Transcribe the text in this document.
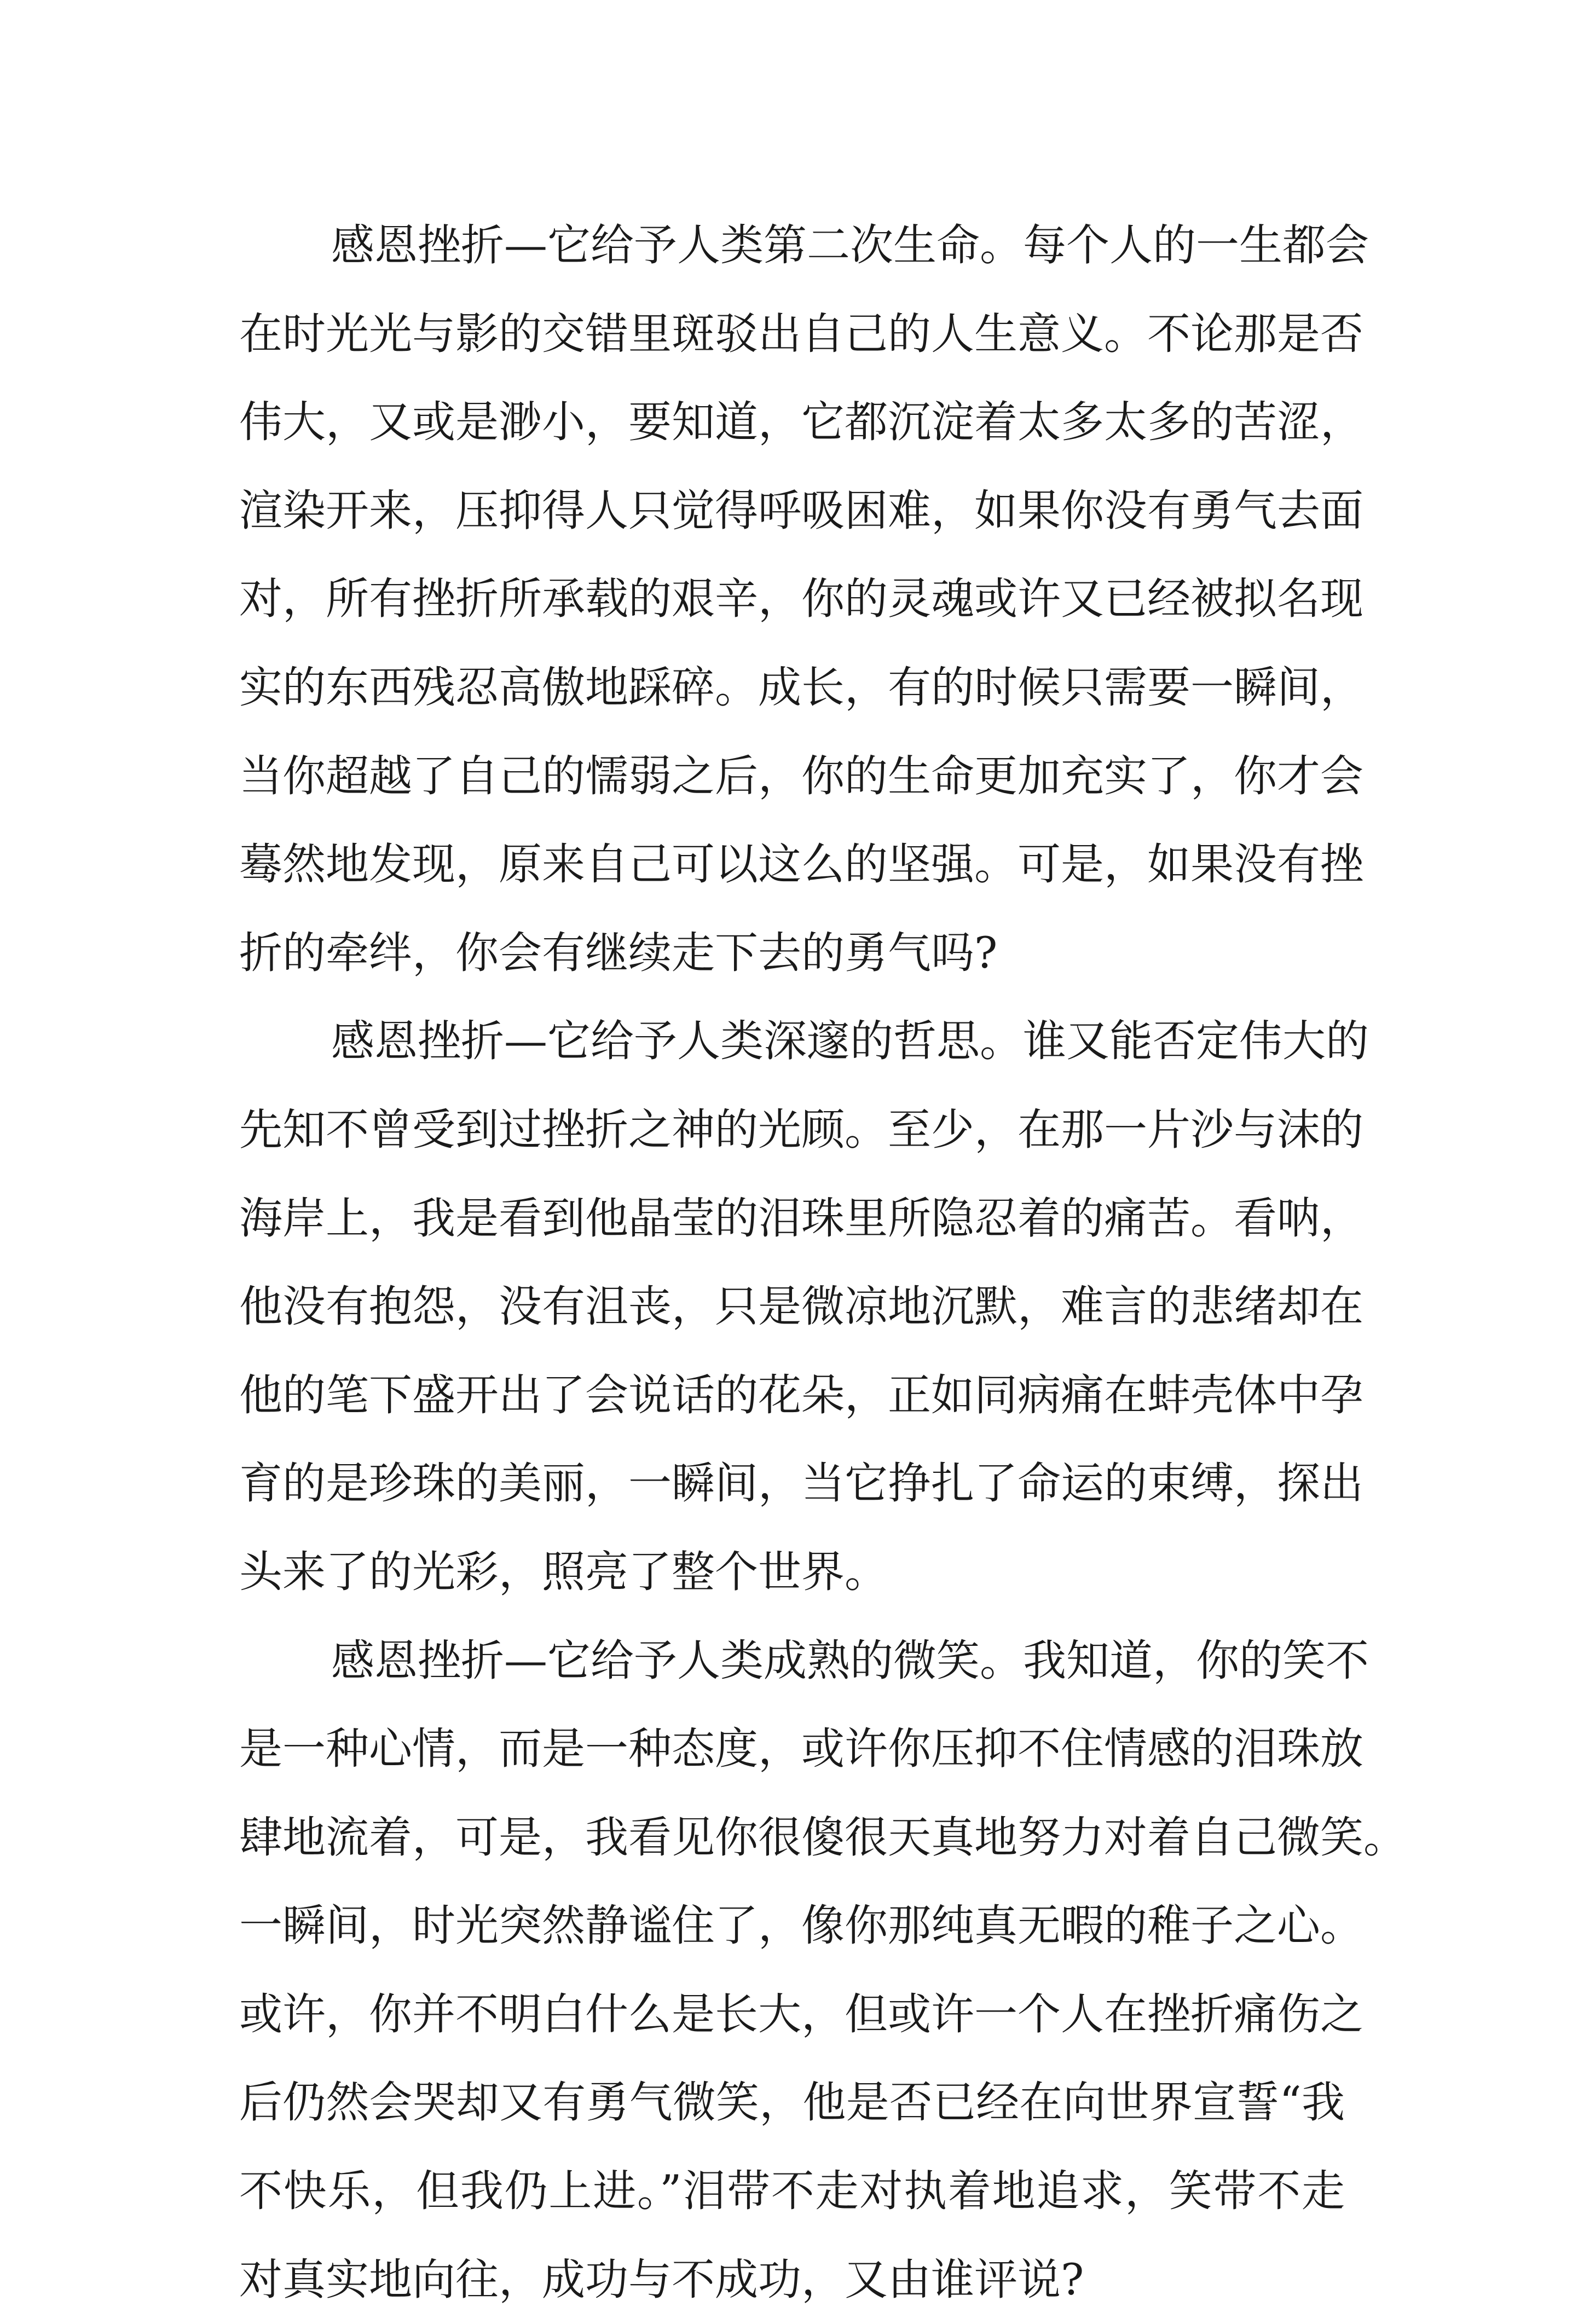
感恩挫折—它给予人类第二次生命。每个人的一生都会
在时光光与影的交错里斑驳出自己的人生意义。不论那是否
伟大，又或是渺小，要知道，它都沉淀着太多太多的苦涩，
渲染开来，压抑得人只觉得呼吸困难，如果你没有勇气去面
对，所有挫折所承载的艰辛，你的灵魂或许又已经被拟名现
实的东西残忍高傲地踩碎。成长，有的时候只需要一瞬间，
当你超越了自己的懦弱之后，你的生命更加充实了，你才会
蓦然地发现，原来自己可以这么的坚强。可是，如果没有挫
折的牵绊，你会有继续走下去的勇气吗?
感恩挫折—它给予人类深邃的哲思。谁又能否定伟大的
先知不曾受到过挫折之神的光顾。至少，在那一片沙与沫的
海岸上，我是看到他晶莹的泪珠里所隐忍着的痛苦。看呐，
他没有抱怨，没有沮丧，只是微凉地沉默，难言的悲绪却在
他的笔下盛开出了会说话的花朵，正如同病痛在蚌壳体中孕
育的是珍珠的美丽，一瞬间，当它挣扎了命运的束缚，探出
头来了的光彩，照亮了整个世界。
感恩挫折—它给予人类成熟的微笑。我知道，你的笑不
是一种心情，而是一种态度，或许你压抑不住情感的泪珠放
肆地流着，可是，我看见你很傻很天真地努力对着自己微笑。
一瞬间，时光突然静谧住了，像你那纯真无暇的稚子之心。
或许，你并不明白什么是长大，但或许一个人在挫折痛伤之
后仍然会哭却又有勇气微笑，他是否已经在向世界宣誓“我
不快乐，但我仍上进。”泪带不走对执着地追求，笑带不走
对真实地向往，成功与不成功，又由谁评说?
